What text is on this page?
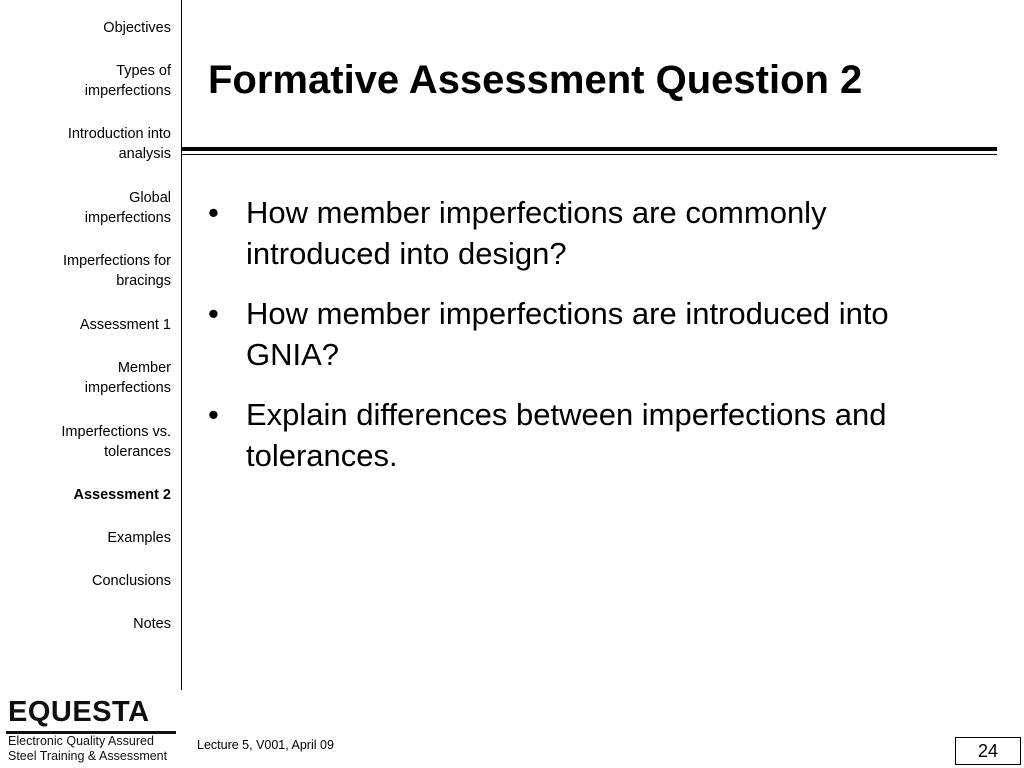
Objectives
Types of
imperfections
Introduction into
analysis
Global
imperfections
Imperfections for
bracings
Assessment 1
Member
imperfections
Imperfections vs.
tolerances
Assessment 2
Examples
Conclusions
Notes
EQUESTA
Electronic Quality Assured
Steel Training & Assessment
Formative Assessment Question 2
• How member imperfections are commonly
introduced into design?
• How member imperfections are introduced into
GNIA?
• Explain differences between imperfections and
tolerances.
Lecture 5, V001, April 09	24
